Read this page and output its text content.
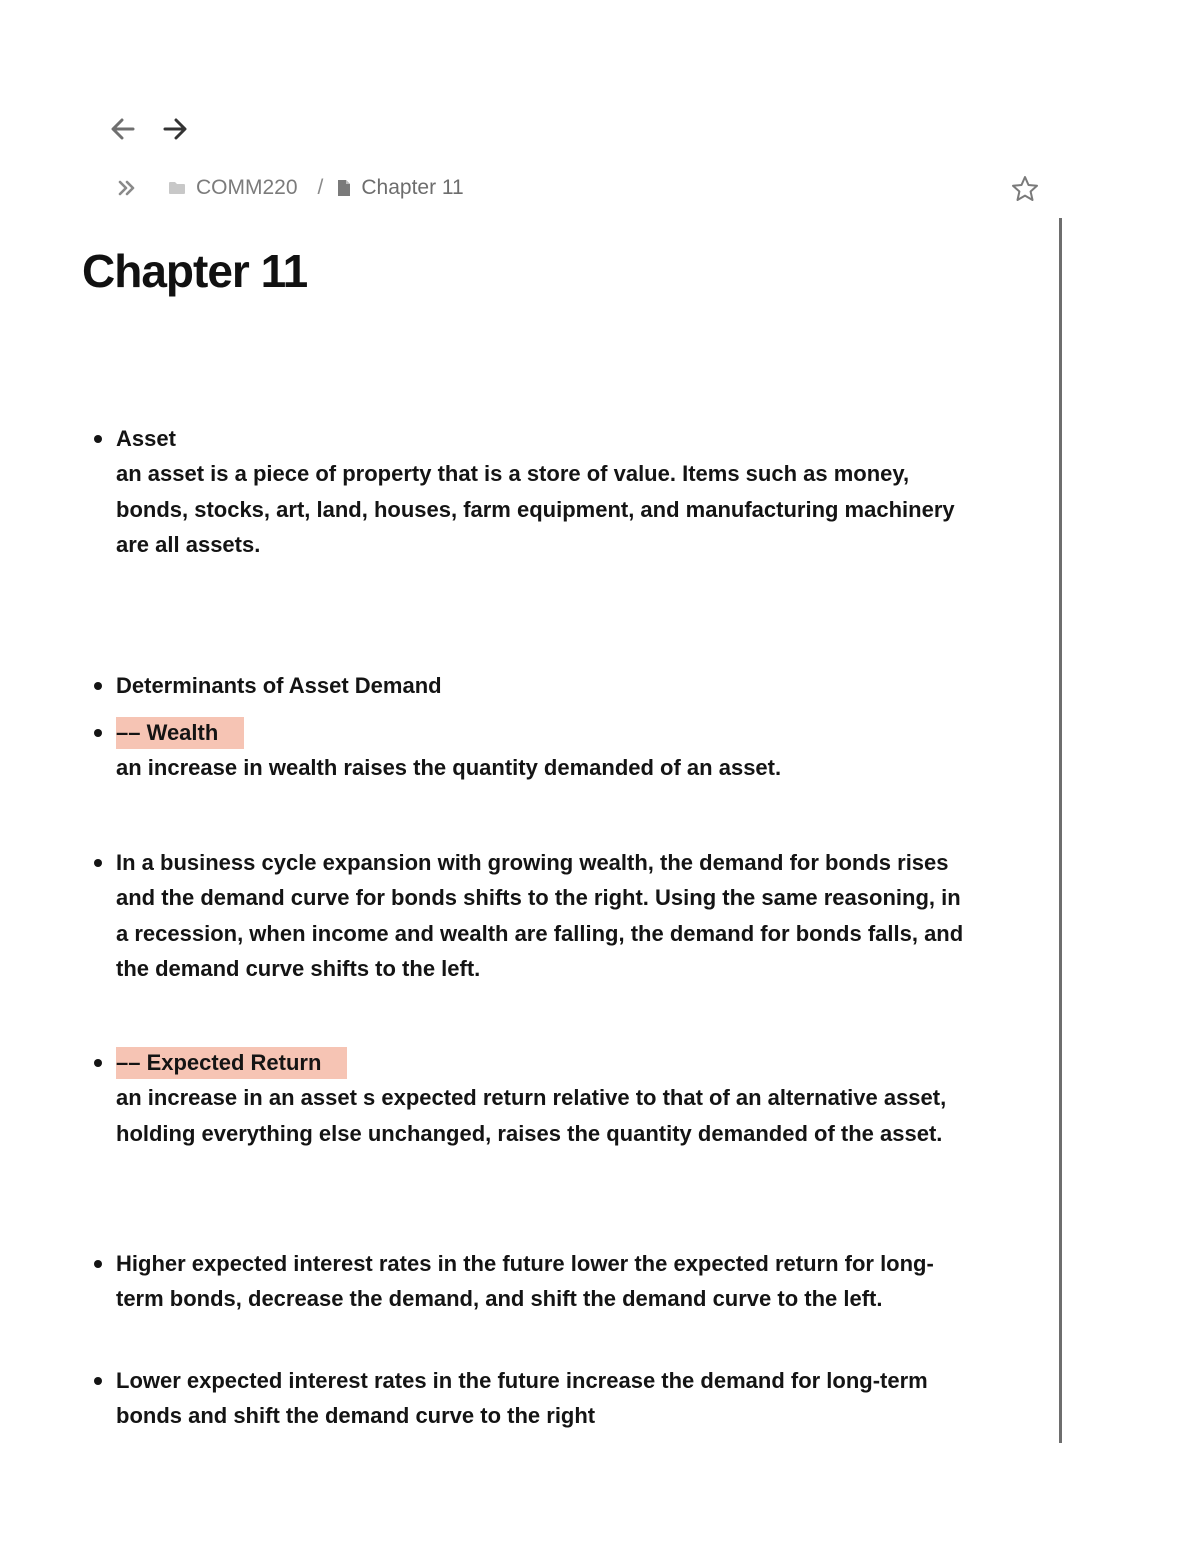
COMM220 / Chapter 11
Chapter 11
Asset
an asset is a piece of property that is a store of value. Items such as money, bonds, stocks, art, land, houses, farm equipment, and manufacturing machinery are all assets.
Determinants of Asset Demand
–– Wealth
an increase in wealth raises the quantity demanded of an asset.
In a business cycle expansion with growing wealth, the demand for bonds rises and the demand curve for bonds shifts to the right. Using the same reasoning, in a recession, when income and wealth are falling, the demand for bonds falls, and the demand curve shifts to the left.
–– Expected Return
an increase in an asset s expected return relative to that of an alternative asset, holding everything else unchanged, raises the quantity demanded of the asset.
Higher expected interest rates in the future lower the expected return for long-term bonds, decrease the demand, and shift the demand curve to the left.
Lower expected interest rates in the future increase the demand for long-term bonds and shift the demand curve to the right
